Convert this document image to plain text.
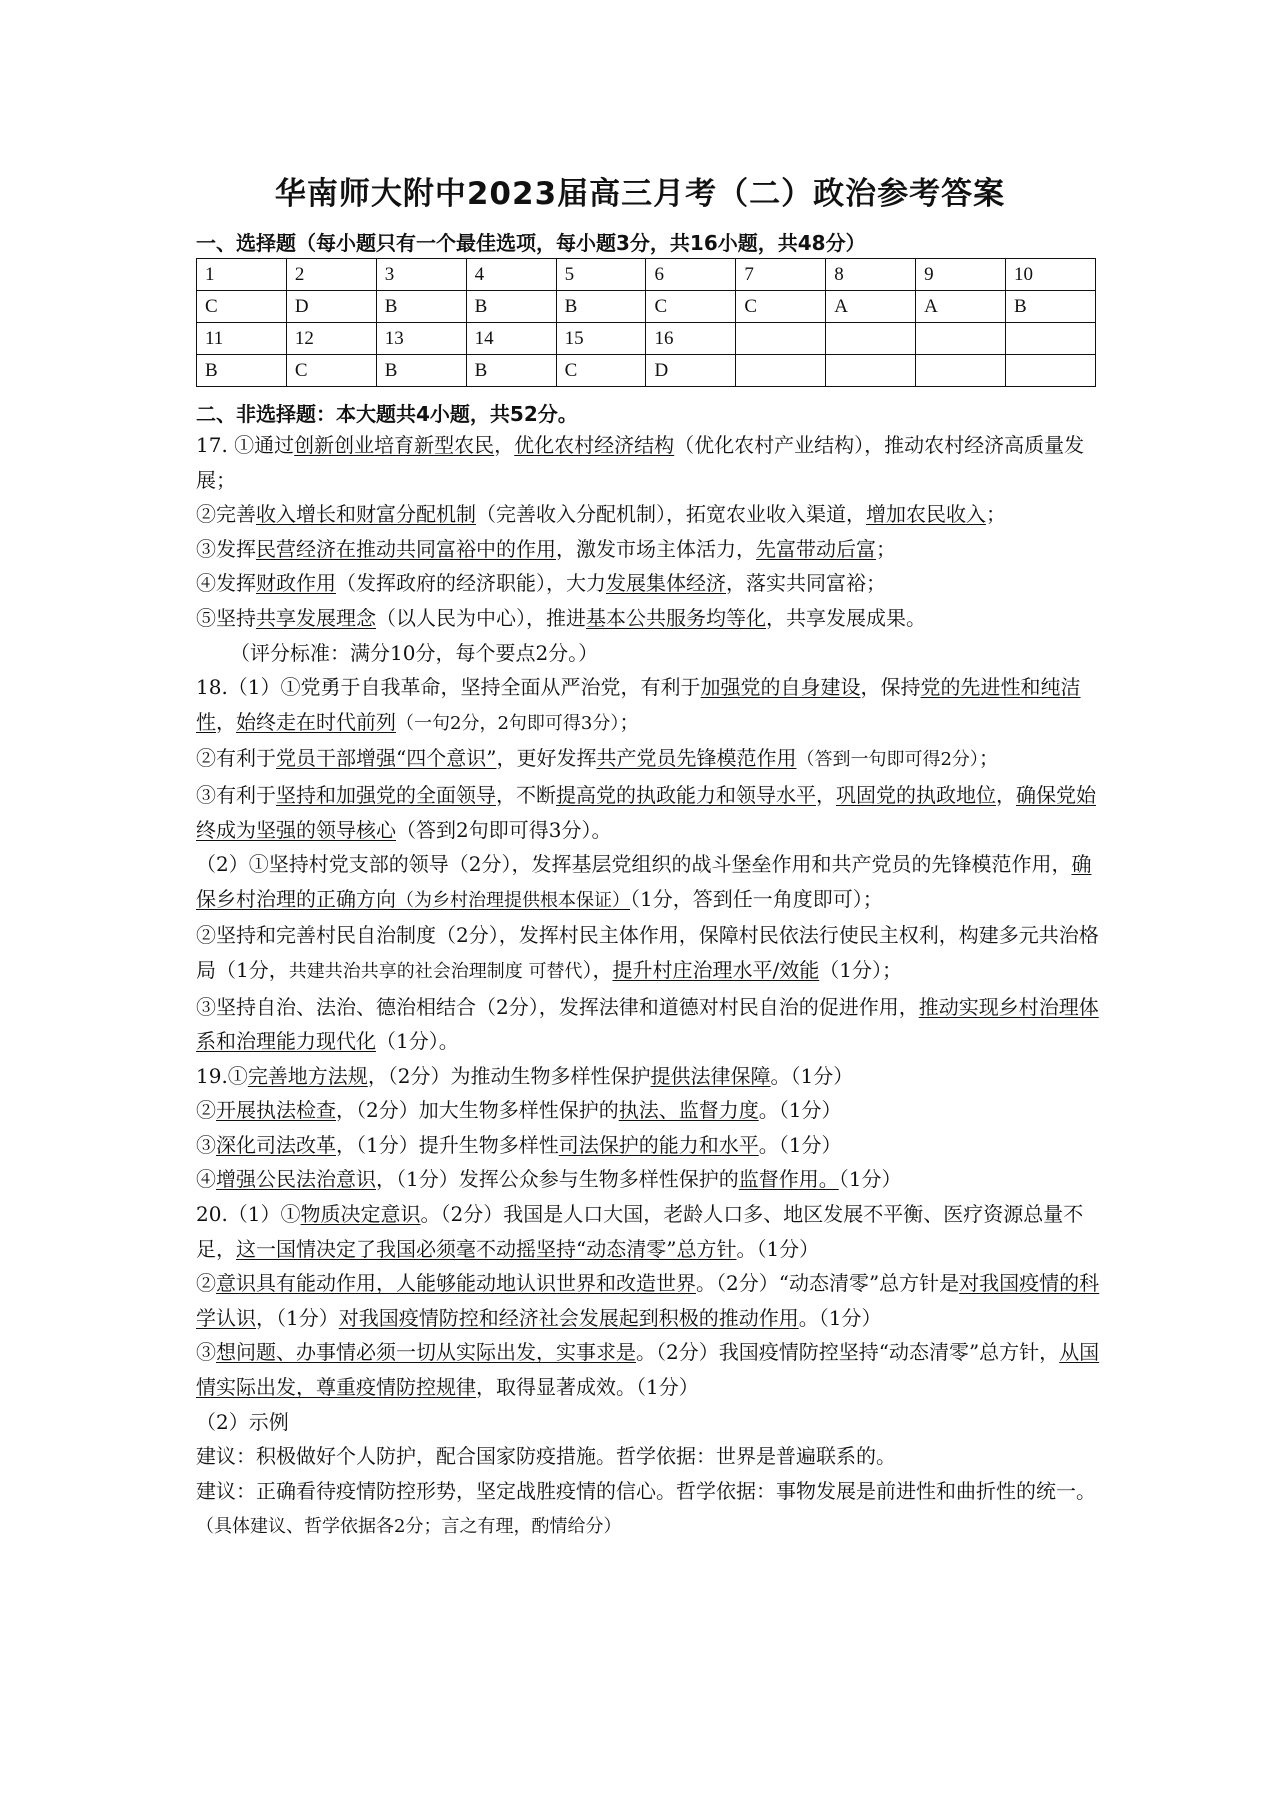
华南师大附中2023届高三月考（二）政治参考答案
一、选择题（每小题只有一个最佳选项，每小题3分，共16小题，共48分）
1	2	3	4	5	6	7	8	9	10
C	D	B	B	B	C	C	A	A	B
11	12	13	14	15	16				
B	C	B	B	C	D				
二、非选择题：本大题共4小题，共52分。

17. ①通过创新创业培育新型农民，优化农村经济结构（优化农村产业结构），推动农村经济高质量发展；

②完善收入增长和财富分配机制（完善收入分配机制），拓宽农业收入渠道，增加农民收入；

③发挥民营经济在推动共同富裕中的作用，激发市场主体活力，先富带动后富；

④发挥财政作用（发挥政府的经济职能），大力发展集体经济，落实共同富裕；

⑤坚持共享发展理念（以人民为中心），推进基本公共服务均等化，共享发展成果。

（评分标准：满分10分，每个要点2分。）

18.（1）①党勇于自我革命，坚持全面从严治党，有利于加强党的自身建设，保持党的先进性和纯洁性，始终走在时代前列（一句2分，2句即可得3分）；

②有利于党员干部增强“四个意识”，更好发挥共产党员先锋模范作用（答到一句即可得2分）；

③有利于坚持和加强党的全面领导，不断提高党的执政能力和领导水平，巩固党的执政地位，确保党始终成为坚强的领导核心（答到2句即可得3分）。

（2）①坚持村党支部的领导（2分），发挥基层党组织的战斗堡垒作用和共产党员的先锋模范作用，确保乡村治理的正确方向（为乡村治理提供根本保证）（1分，答到任一角度即可）；

②坚持和完善村民自治制度（2分），发挥村民主体作用，保障村民依法行使民主权利，构建多元共治格局（1分，共建共治共享的社会治理制度 可替代），提升村庄治理水平/效能（1分）；

③坚持自治、法治、德治相结合（2分），发挥法律和道德对村民自治的促进作用，推动实现乡村治理体系和治理能力现代化（1分）。

19.①完善地方法规，（2分）为推动生物多样性保护提供法律保障。（1分）

②开展执法检查，（2分）加大生物多样性保护的执法、监督力度。（1分）

③深化司法改革，（1分）提升生物多样性司法保护的能力和水平。（1分）

④增强公民法治意识，（1分）发挥公众参与生物多样性保护的监督作用。（1分）

20.（1）①物质决定意识。（2分）我国是人口大国，老龄人口多、地区发展不平衡、医疗资源总量不足，这一国情决定了我国必须毫不动摇坚持“动态清零”总方针。（1分）

②意识具有能动作用，人能够能动地认识世界和改造世界。（2分）“动态清零”总方针是对我国疫情的科学认识，（1分）对我国疫情防控和经济社会发展起到积极的推动作用。（1分）

③想问题、办事情必须一切从实际出发，实事求是。（2分）我国疫情防控坚持“动态清零”总方针，从国情实际出发，尊重疫情防控规律，取得显著成效。（1分）

（2）示例

建议：积极做好个人防护，配合国家防疫措施。哲学依据：世界是普遍联系的。

建议：正确看待疫情防控形势，坚定战胜疫情的信心。哲学依据：事物发展是前进性和曲折性的统一。（具体建议、哲学依据各2分；言之有理，酌情给分）
